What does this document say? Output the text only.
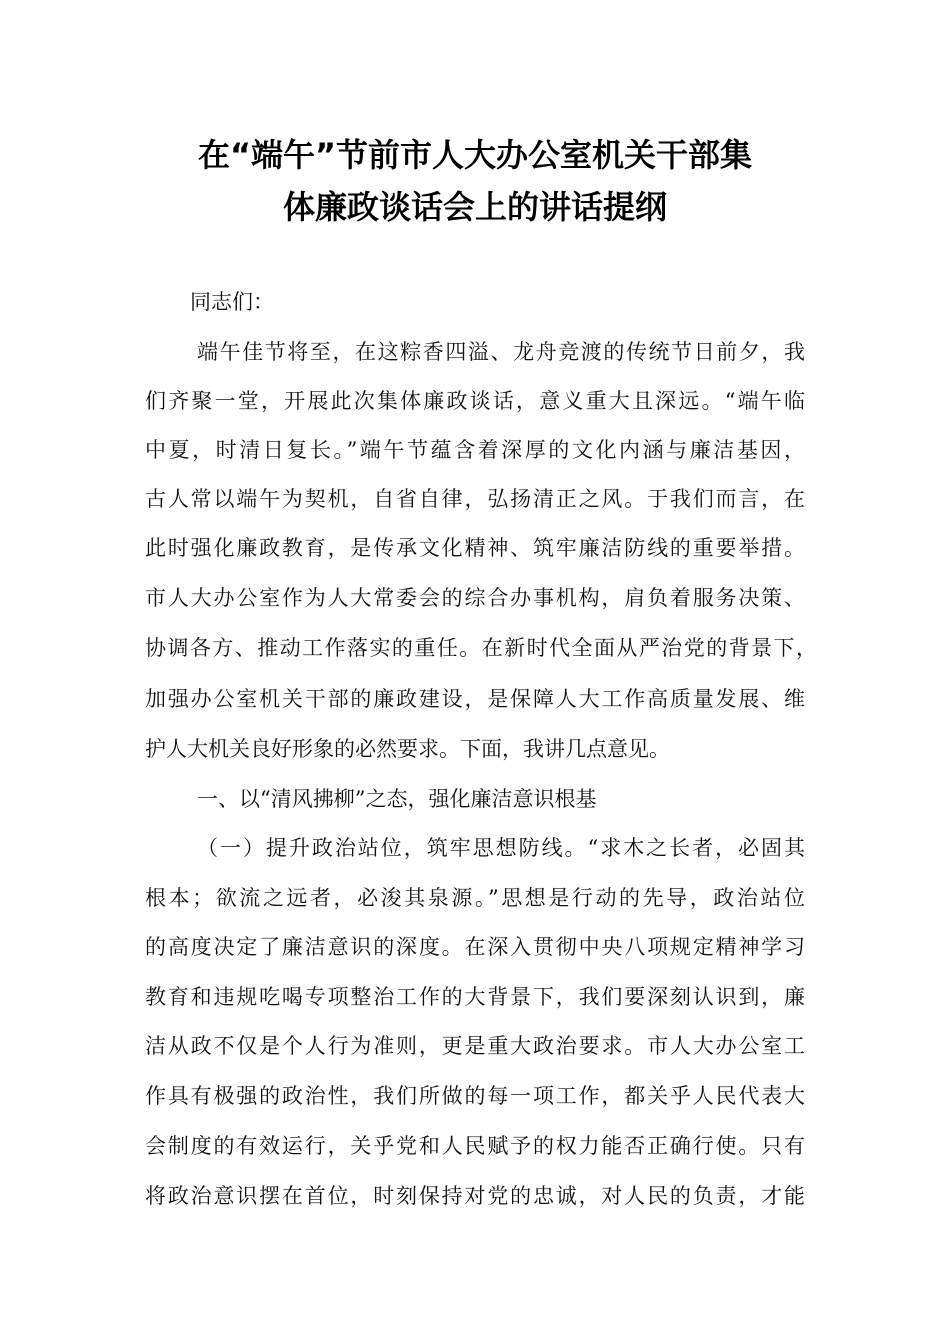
在“端午”节前市人大办公室机关干部集
体廉政谈话会上的讲话提纲
同志们：
端午佳节将至，在这粽香四溢、龙舟竞渡的传统节日前夕，我
们齐聚一堂，开展此次集体廉政谈话，意义重大且深远。“端午临
中夏，时清日复长。”端午节蕴含着深厚的文化内涵与廉洁基因，
古人常以端午为契机，自省自律，弘扬清正之风。于我们而言，在
此时强化廉政教育，是传承文化精神、筑牢廉洁防线的重要举措。
市人大办公室作为人大常委会的综合办事机构，肩负着服务决策、
协调各方、推动工作落实的重任。在新时代全面从严治党的背景下，
加强办公室机关干部的廉政建设，是保障人大工作高质量发展、维
护人大机关良好形象的必然要求。下面，我讲几点意见。
一、以“清风拂柳”之态，强化廉洁意识根基
（一）提升政治站位，筑牢思想防线。“求木之长者，必固其
根本；欲流之远者，必浚其泉源。”思想是行动的先导，政治站位
的高度决定了廉洁意识的深度。在深入贯彻中央八项规定精神学习
教育和违规吃喝专项整治工作的大背景下，我们要深刻认识到，廉
洁从政不仅是个人行为准则，更是重大政治要求。市人大办公室工
作具有极强的政治性，我们所做的每一项工作，都关乎人民代表大
会制度的有效运行，关乎党和人民赋予的权力能否正确行使。只有
将政治意识摆在首位，时刻保持对党的忠诚，对人民的负责，才能
